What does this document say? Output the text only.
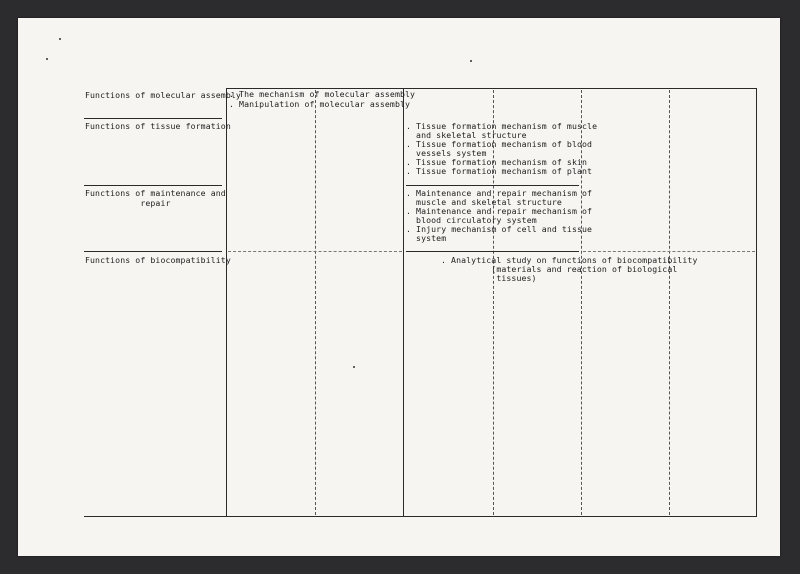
Functions of molecular assembly
Functions of tissue formation
Functions of maintenance and
repair
Functions of biocompatibility
. The mechanism of molecular assembly
. Manipulation of molecular assembly
. Tissue formation mechanism of muscle
and skeletal structure
. Tissue formation mechanism of blood
vessels system
. Tissue formation mechanism of skin
. Tissue formation mechanism of plant
. Maintenance and repair mechanism of
muscle and skeletal structure
. Maintenance and repair mechanism of
blood circulatory system
. Injury mechanism of cell and tissue
system
. Analytical study on functions of biocompatibility
(materials and reaction of biological
tissues)
